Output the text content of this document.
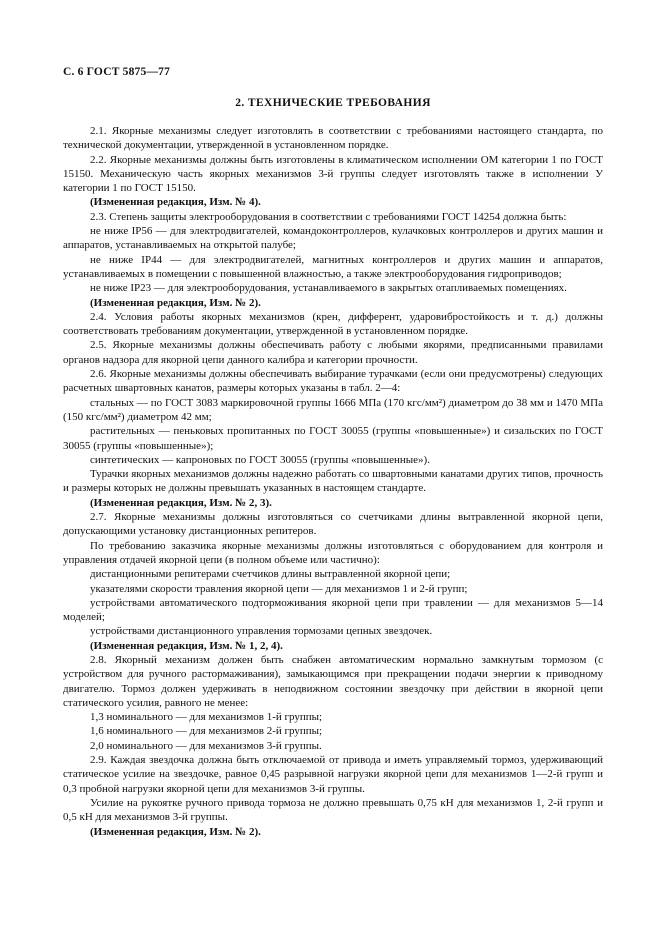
С. 6 ГОСТ 5875—77
2. ТЕХНИЧЕСКИЕ ТРЕБОВАНИЯ

2.1. Якорные механизмы следует изготовлять в соответствии с требованиями настоящего стандарта, по технической документации, утвержденной в установленном порядке.

2.2. Якорные механизмы должны быть изготовлены в климатическом исполнении ОМ категории 1 по ГОСТ 15150. Механическую часть якорных механизмов 3-й группы следует изготовлять также в исполнении У категории 1 по ГОСТ 15150.

(Измененная редакция, Изм. № 4).

2.3. Степень защиты электрооборудования в соответствии с требованиями ГОСТ 14254 должна быть:

не ниже IP56 — для электродвигателей, командоконтроллеров, кулачковых контроллеров и других машин и аппаратов, устанавливаемых на открытой палубе;

не ниже IP44 — для электродвигателей, магнитных контроллеров и других машин и аппаратов, устанавливаемых в помещении с повышенной влажностью, а также электрооборудования гидроприводов;

не ниже IP23 — для электрооборудования, устанавливаемого в закрытых отапливаемых помещениях.

(Измененная редакция, Изм. № 2).

2.4. Условия работы якорных механизмов (крен, дифферент, ударовибростойкость и т. д.) должны соответствовать требованиям документации, утвержденной в установленном порядке.

2.5. Якорные механизмы должны обеспечивать работу с любыми якорями, предписанными правилами органов надзора для якорной цепи данного калибра и категории прочности.

2.6. Якорные механизмы должны обеспечивать выбирание турачками (если они предусмотрены) следующих расчетных швартовных канатов, размеры которых указаны в табл. 2—4:

стальных — по ГОСТ 3083 маркировочной группы 1666 МПа (170 кгс/мм²) диаметром до 38 мм и 1470 МПа (150 кгс/мм²) диаметром 42 мм;

растительных — пеньковых пропитанных по ГОСТ 30055 (группы «повышенные») и сизальских по ГОСТ 30055 (группы «повышенные»);

синтетических — капроновых по ГОСТ 30055 (группы «повышенные»).

Турачки якорных механизмов должны надежно работать со швартовными канатами других типов, прочность и размеры которых не должны превышать указанных в настоящем стандарте.

(Измененная редакция, Изм. № 2, 3).

2.7. Якорные механизмы должны изготовляться со счетчиками длины вытравленной якорной цепи, допускающими установку дистанционных репитеров.

По требованию заказчика якорные механизмы должны изготовляться с оборудованием для контроля и управления отдачей якорной цепи (в полном объеме или частично):

дистанционными репитерами счетчиков длины вытравленной якорной цепи;

указателями скорости травления якорной цепи — для механизмов 1 и 2-й групп;

устройствами автоматического подторможивания якорной цепи при травлении — для механизмов 5—14 моделей;

устройствами дистанционного управления тормозами цепных звездочек.

(Измененная редакция, Изм. № 1, 2, 4).

2.8. Якорный механизм должен быть снабжен автоматическим нормально замкнутым тормозом (с устройством для ручного растормаживания), замыкающимся при прекращении подачи энергии к приводному двигателю. Тормоз должен удерживать в неподвижном состоянии звездочку при действии в якорной цепи статического усилия, равного не менее:

1,3 номинального — для механизмов 1-й группы;

1,6 номинального — для механизмов 2-й группы;

2,0 номинального — для механизмов 3-й группы.

2.9. Каждая звездочка должна быть отключаемой от привода и иметь управляемый тормоз, удерживающий статическое усилие на звездочке, равное 0,45 разрывной нагрузки якорной цепи для механизмов 1—2-й групп и 0,3 пробной нагрузки якорной цепи для механизмов 3-й группы.

Усилие на рукоятке ручного привода тормоза не должно превышать 0,75 кН для механизмов 1, 2-й групп и 0,5 кН для механизмов 3-й группы.

(Измененная редакция, Изм. № 2).
